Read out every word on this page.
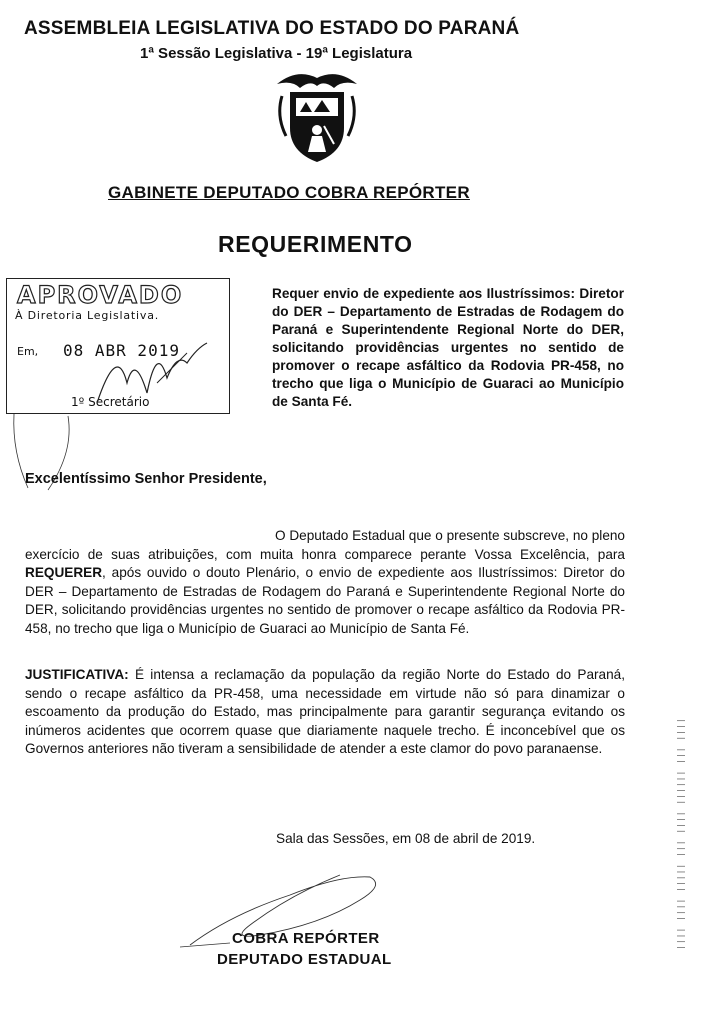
ASSEMBLEIA LEGISLATIVA DO ESTADO DO PARANÁ
1ª Sessão Legislativa - 19ª Legislatura
GABINETE DEPUTADO COBRA REPÓRTER
REQUERIMENTO
APROVADO
À Diretoria Legislativa.
Em, 08 ABR 2019
1º Secretário
Requer envio de expediente aos Ilustríssimos: Diretor do DER – Departamento de Estradas de Rodagem do Paraná e Superintendente Regional Norte do DER, solicitando providências urgentes no sentido de promover o recape asfáltico da Rodovia PR-458, no trecho que liga o Município de Guaraci ao Município de Santa Fé.
Excelentíssimo Senhor Presidente,
O Deputado Estadual que o presente subscreve, no pleno exercício de suas atribuições, com muita honra comparece perante Vossa Excelência, para REQUERER, após ouvido o douto Plenário, o envio de expediente aos Ilustríssimos: Diretor do DER – Departamento de Estradas de Rodagem do Paraná e Superintendente Regional Norte do DER, solicitando providências urgentes no sentido de promover o recape asfáltico da Rodovia PR-458, no trecho que liga o Município de Guaraci ao Município de Santa Fé.
JUSTIFICATIVA: É intensa a reclamação da população da região Norte do Estado do Paraná, sendo o recape asfáltico da PR-458, uma necessidade em virtude não só para dinamizar o escoamento da produção do Estado, mas principalmente para garantir segurança evitando os inúmeros acidentes que ocorrem quase que diariamente naquele trecho. É inconcebível que os Governos anteriores não tiveram a sensibilidade de atender a este clamor do povo paranaense.
Sala das Sessões, em 08 de abril de 2019.
COBRA REPÓRTER
DEPUTADO ESTADUAL
|||| |||| ||||| ||| |||| |||||| ||| ||||
